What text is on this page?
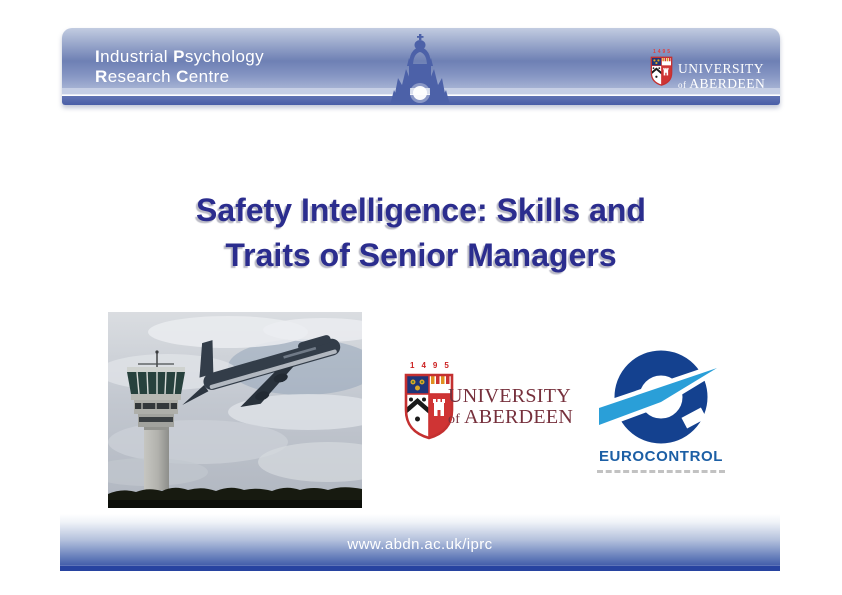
Industrial Psychology
Research Centre
1495
UNIVERSITY
of ABERDEEN
Safety Intelligence: Skills and
Traits of Senior Managers
1495
UNIVERSITY
of ABERDEEN
EUROCONTROL
www.abdn.ac.uk/iprc
